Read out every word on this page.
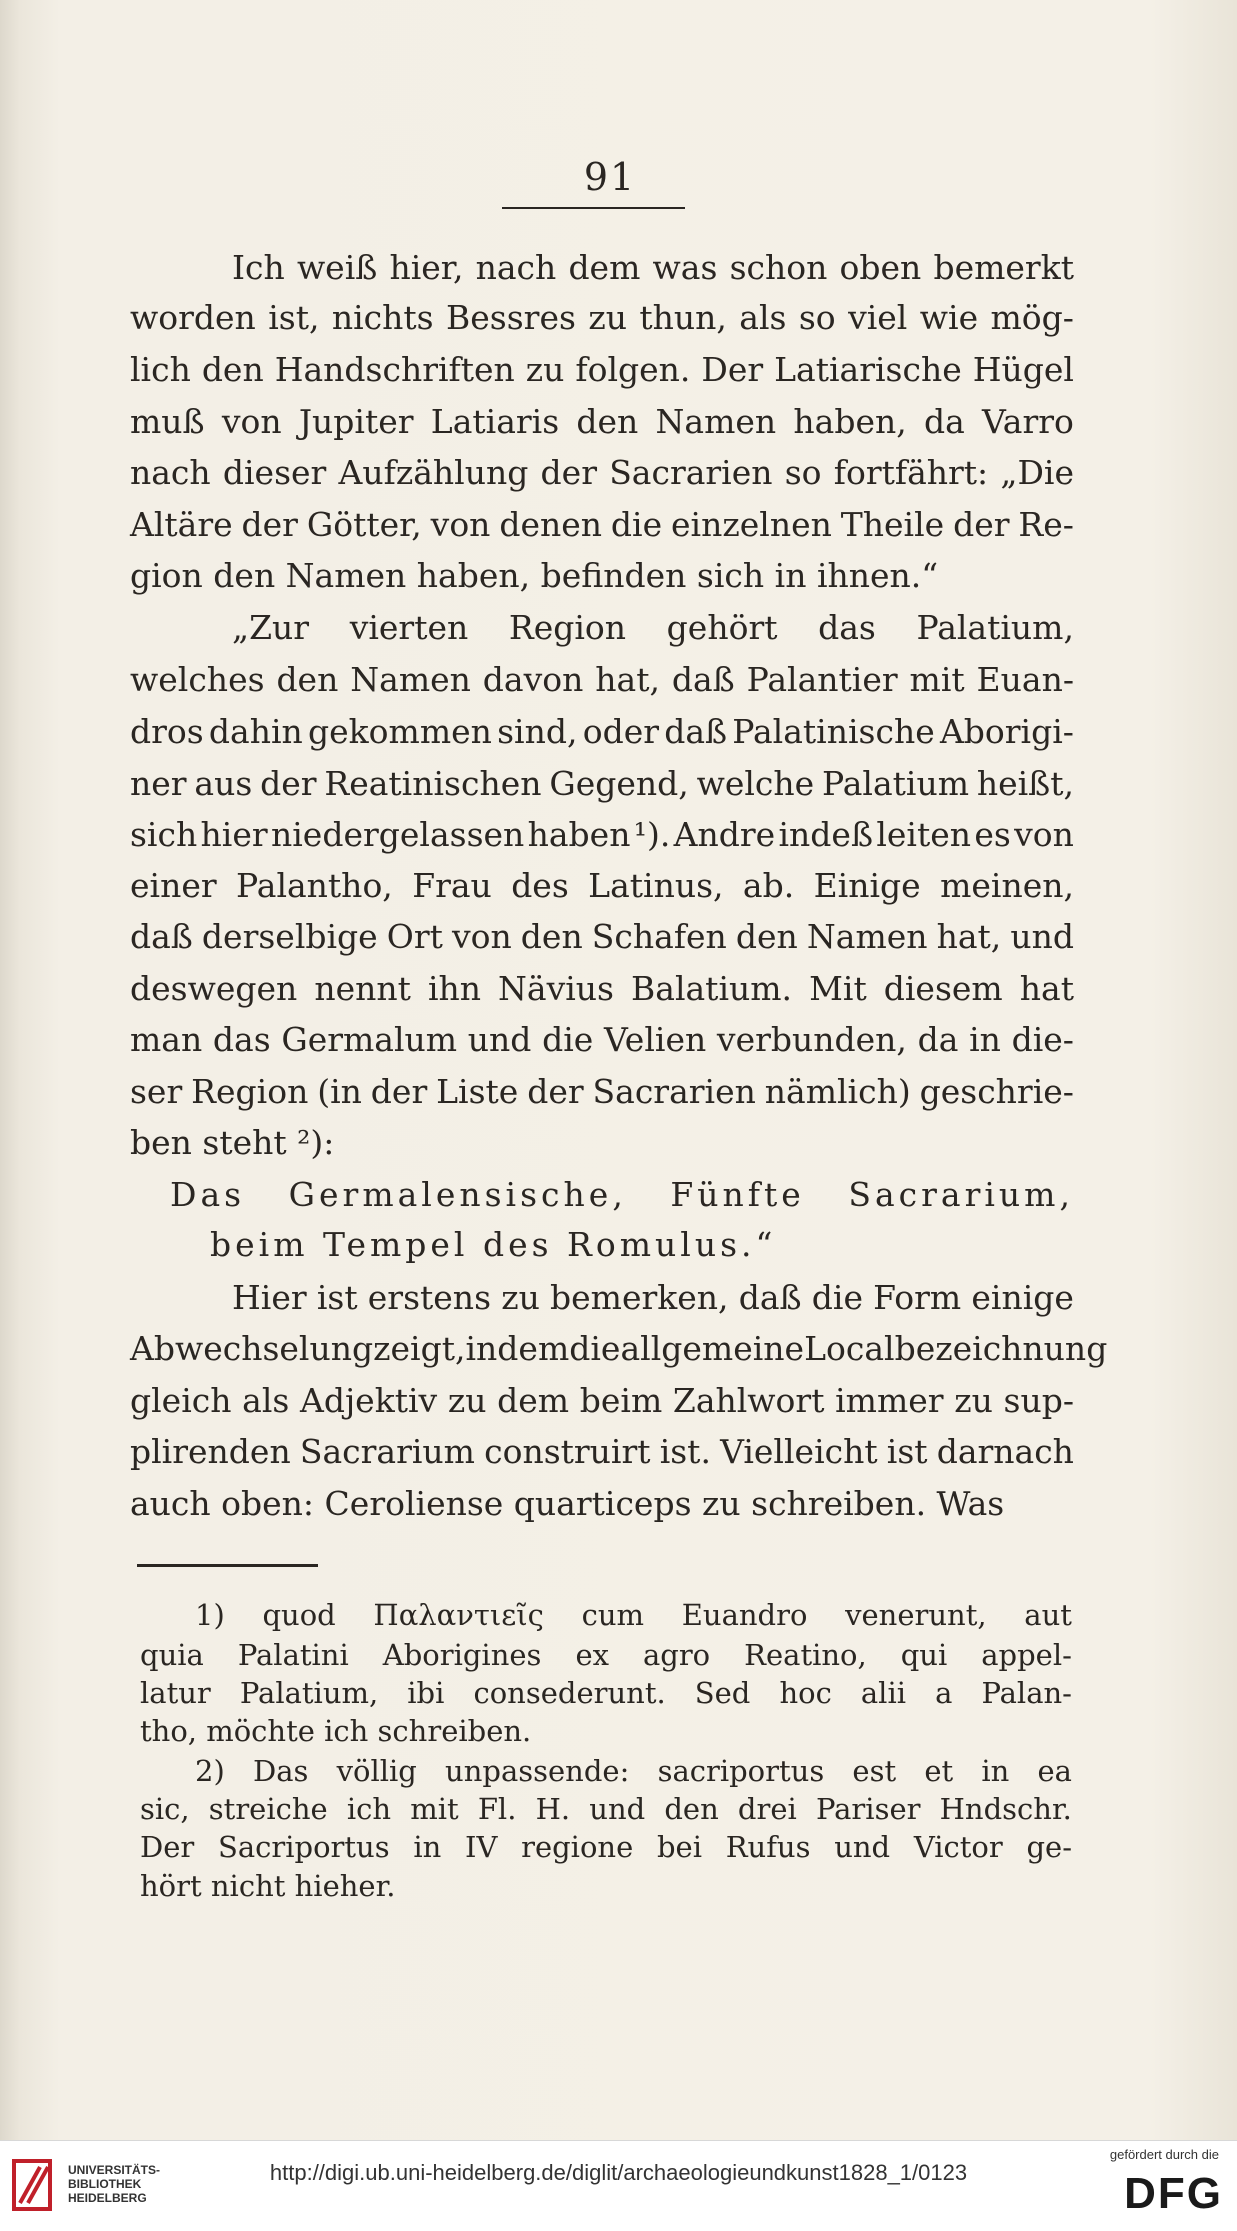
91
Ich weiß hier, nach dem was schon oben bemerkt
worden ist, nichts Bessres zu thun, als so viel wie mög-
lich den Handschriften zu folgen. Der Latiarische Hügel
muß von Jupiter Latiaris den Namen haben, da Varro
nach dieser Aufzählung der Sacrarien so fortfährt: „Die
Altäre der Götter, von denen die einzelnen Theile der Re-
gion den Namen haben, befinden sich in ihnen.“
„Zur vierten Region gehört das Palatium,
welches den Namen davon hat, daß Palantier mit Euan-
dros dahin gekommen sind, oder daß Palatinische Aborigi-
ner aus der Reatinischen Gegend, welche Palatium heißt,
sich hier niedergelassen haben ¹). Andre indeß leiten es von
einer Palantho, Frau des Latinus, ab. Einige meinen,
daß derselbige Ort von den Schafen den Namen hat, und
deswegen nennt ihn Nävius Balatium. Mit diesem hat
man das Germalum und die Velien verbunden, da in die-
ser Region (in der Liste der Sacrarien nämlich) geschrie-
ben steht ²):
Das Germalensische, Fünfte Sacrarium,
beim Tempel des Romulus.“
Hier ist erstens zu bemerken, daß die Form einige
Abwechselung zeigt, indem die allgemeine Localbezeichnung
gleich als Adjektiv zu dem beim Zahlwort immer zu sup-
plirenden Sacrarium construirt ist. Vielleicht ist darnach
auch oben: Ceroliense quarticeps zu schreiben. Was
1) quod Παλαντιεῖς cum Euandro venerunt, aut
quia Palatini Aborigines ex agro Reatino, qui appel-
latur Palatium, ibi consederunt. Sed hoc alii a Palan-
tho, möchte ich schreiben.
2) Das völlig unpassende: sacriportus est et in ea
sic, streiche ich mit Fl. H. und den drei Pariser Hndschr.
Der Sacriportus in IV regione bei Rufus und Victor ge-
hört nicht hieher.
UNIVERSITÄTS-
BIBLIOTHEK
HEIDELBERG
gefördert durch die
DFG
http://digi.ub.uni-heidelberg.de/diglit/archaeologieundkunst1828_1/0123
